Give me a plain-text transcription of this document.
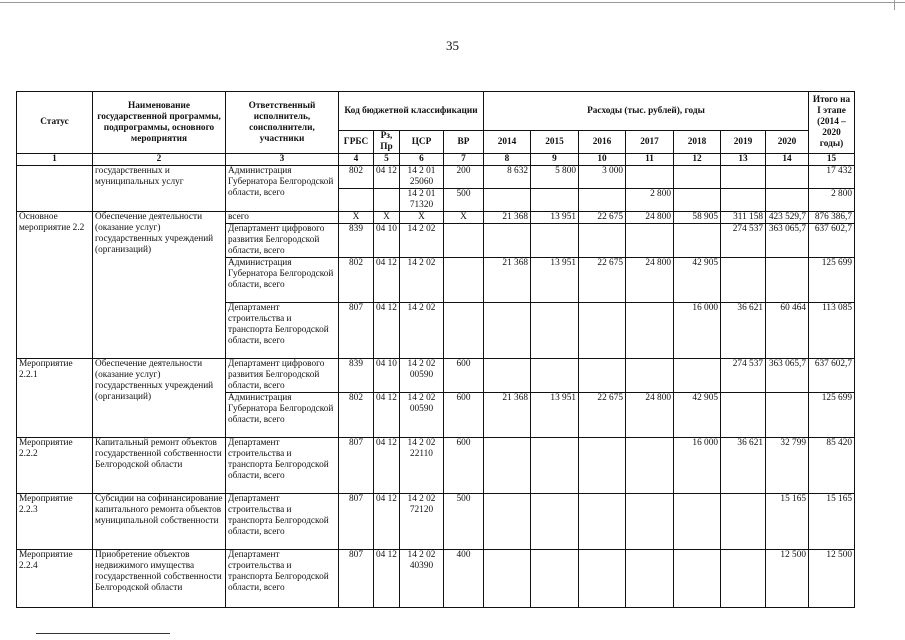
35
Статус	Наименование государственной программы, подпрограммы, основного мероприятия	Ответственный исполнитель, соисполнители, участники	Код бюджетной классификации				Расходы (тыс. рублей), годы							Итого на I этапе (2014 – 2020 годы)
			ГРБС	Рз, Пр	ЦСР	ВР	2014	2015	2016	2017	2018	2019	2020	
1	2	3	4	5	6	7	8	9	10	11	12	13	14	15
	государственных и муниципальных услуг	Администрация Губернатора Белгородской области, всего	802	04 12	14 2 01 25060	200	8 632	5 800	3 000					17 432
					14 2 01 71320	500				2 800				2 800
Основное мероприятие 2.2	Обеспечение деятельности (оказание услуг) государственных учреждений (организаций)	всего	Х	Х	Х	Х	21 368	13 951	22 675	24 800	58 905	311 158	423 529,7	876 386,7
		Департамент цифрового развития Белгородской области, всего	839	04 10	14 2 02							274 537	363 065,7	637 602,7
		Администрация Губернатора Белгородской области, всего	802	04 12	14 2 02		21 368	13 951	22 675	24 800	42 905			125 699
		Департамент строительства и транспорта Белгородской области, всего	807	04 12	14 2 02						16 000	36 621	60 464	113 085
Мероприятие 2.2.1	Обеспечение деятельности (оказание услуг) государственных учреждений (организаций)	Департамент цифрового развития Белгородской области, всего	839	04 10	14 2 02 00590	600						274 537	363 065,7	637 602,7
		Администрация Губернатора Белгородской области, всего	802	04 12	14 2 02 00590	600	21 368	13 951	22 675	24 800	42 905			125 699
Мероприятие 2.2.2	Капитальный ремонт объектов государственной собственности Белгородской области	Департамент строительства и транспорта Белгородской области, всего	807	04 12	14 2 02 22110	600					16 000	36 621	32 799	85 420
Мероприятие 2.2.3	Субсидии на софинансирование капитального ремонта объектов муниципальной собственности	Департамент строительства и транспорта Белгородской области, всего	807	04 12	14 2 02 72120	500							15 165	15 165
Мероприятие 2.2.4	Приобретение объектов недвижимого имущества государственной собственности Белгородской области	Департамент строительства и транспорта Белгородской области, всего	807	04 12	14 2 02 40390	400							12 500	12 500
